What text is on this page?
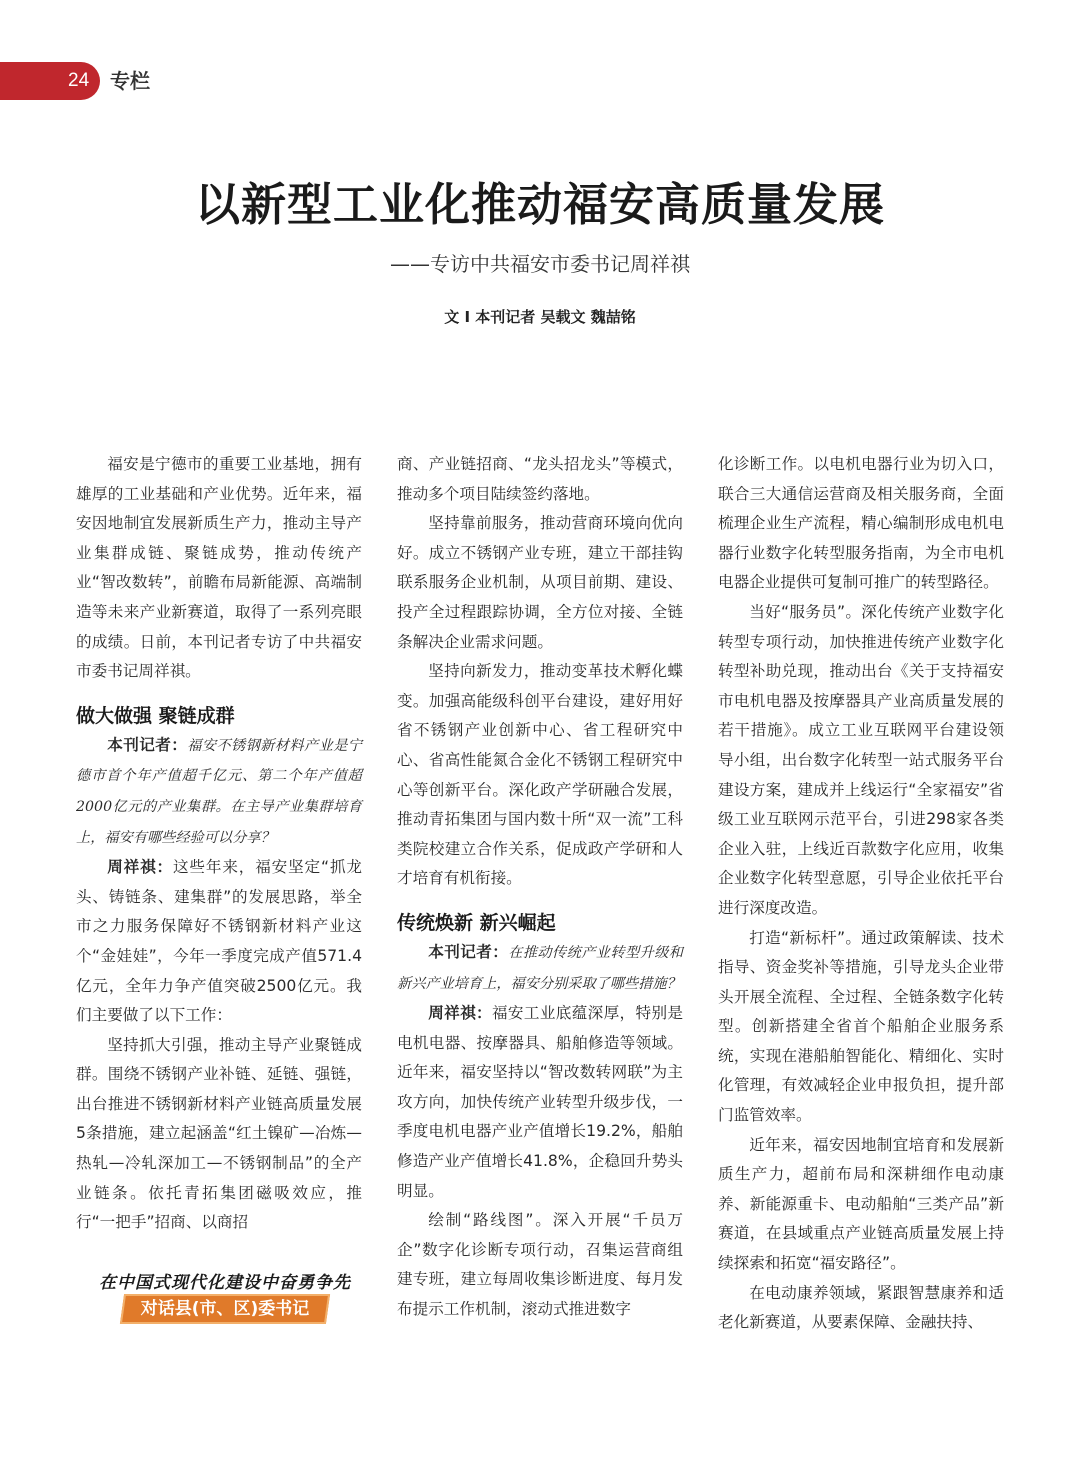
24 专栏
以新型工业化推动福安高质量发展
——专访中共福安市委书记周祥祺
文 I 本刊记者 吴载文 魏喆铭

福安是宁德市的重要工业基地，拥有雄厚的工业基础和产业优势。近年来，福安因地制宜发展新质生产力，推动主导产业集群成链、聚链成势，推动传统产业“智改数转”，前瞻布局新能源、高端制造等未来产业新赛道，取得了一系列亮眼的成绩。日前，本刊记者专访了中共福安市委书记周祥祺。

做大做强 聚链成群

本刊记者：福安不锈钢新材料产业是宁德市首个年产值超千亿元、第二个年产值超2000亿元的产业集群。在主导产业集群培育上，福安有哪些经验可以分享？

周祥祺：这些年来，福安坚定“抓龙头、铸链条、建集群”的发展思路，举全市之力服务保障好不锈钢新材料产业这个“金娃娃”，今年一季度完成产值571.4亿元，全年力争产值突破2500亿元。我们主要做了以下工作：

坚持抓大引强，推动主导产业聚链成群。围绕不锈钢产业补链、延链、强链，出台推进不锈钢新材料产业链高质量发展5条措施，建立起涵盖“红土镍矿—冶炼—热轧—冷轧深加工—不锈钢制品”的全产业链条。依托青拓集团磁吸效应，推行“一把手”招商、以商招

商、产业链招商、“龙头招龙头”等模式，推动多个项目陆续签约落地。

坚持靠前服务，推动营商环境向优向好。成立不锈钢产业专班，建立干部挂钩联系服务企业机制，从项目前期、建设、投产全过程跟踪协调，全方位对接、全链条解决企业需求问题。

坚持向新发力，推动变革技术孵化蝶变。加强高能级科创平台建设，建好用好省不锈钢产业创新中心、省工程研究中心、省高性能氮合金化不锈钢工程研究中心等创新平台。深化政产学研融合发展，推动青拓集团与国内数十所“双一流”工科类院校建立合作关系，促成政产学研和人才培育有机衔接。

传统焕新 新兴崛起

本刊记者：在推动传统产业转型升级和新兴产业培育上，福安分别采取了哪些措施？

周祥祺：福安工业底蕴深厚，特别是电机电器、按摩器具、船舶修造等领域。近年来，福安坚持以“智改数转网联”为主攻方向，加快传统产业转型升级步伐，一季度电机电器产业产值增长19.2%，船舶修造产业产值增长41.8%，企稳回升势头明显。

绘制“路线图”。深入开展“千员万企”数字化诊断专项行动，召集运营商组建专班，建立每周收集诊断进度、每月发布提示工作机制，滚动式推进数字

化诊断工作。以电机电器行业为切入口，联合三大通信运营商及相关服务商，全面梳理企业生产流程，精心编制形成电机电器行业数字化转型服务指南，为全市电机电器企业提供可复制可推广的转型路径。

当好“服务员”。深化传统产业数字化转型专项行动，加快推进传统产业数字化转型补助兑现，推动出台《关于支持福安市电机电器及按摩器具产业高质量发展的若干措施》。成立工业互联网平台建设领导小组，出台数字化转型一站式服务平台建设方案，建成并上线运行“全家福安”省级工业互联网示范平台，引进298家各类企业入驻，上线近百款数字化应用，收集企业数字化转型意愿，引导企业依托平台进行深度改造。

打造“新标杆”。通过政策解读、技术指导、资金奖补等措施，引导龙头企业带头开展全流程、全过程、全链条数字化转型。创新搭建全省首个船舶企业服务系统，实现在港船舶智能化、精细化、实时化管理，有效减轻企业申报负担，提升部门监管效率。

近年来，福安因地制宜培育和发展新质生产力，超前布局和深耕细作电动康养、新能源重卡、电动船舶“三类产品”新赛道，在县域重点产业链高质量发展上持续探索和拓宽“福安路径”。

在电动康养领域，紧跟智慧康养和适老化新赛道，从要素保障、金融扶持、

在中国式现代化建设中奋勇争先
对话县(市、区)委书记
